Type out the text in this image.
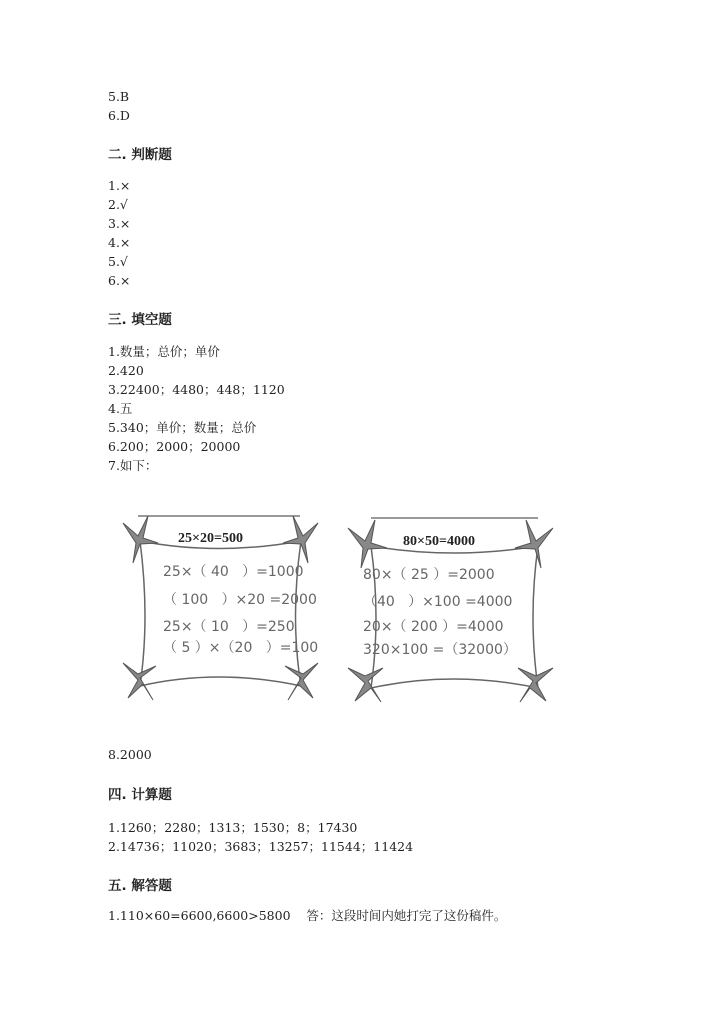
5.B
6.D
二. 判断题
1.×
2.√
3.×
4.×
5.√
6.×
三. 填空题
1.数量；总价；单价
2.420
3.22400；4480；448；1120
4.五
5.340；单价；数量；总价
6.200；2000；20000
7.如下：
25×20=500
25×（ 40   ）=1000
（ 100   ）×20 =2000
25×（ 10   ）=250
（ 5 ）×（20   ）=100
80×50=4000
80×（ 25 ）=2000
（40   ）×100 =4000
20×（ 200 ）=4000
320×100 =（32000）
8.2000
四. 计算题
1.1260；2280；1313；1530；8；17430
2.14736；11020；3683；13257；11544；11424
五. 解答题
1.110×60=6600,6600>5800    答：这段时间内她打完了这份稿件。
